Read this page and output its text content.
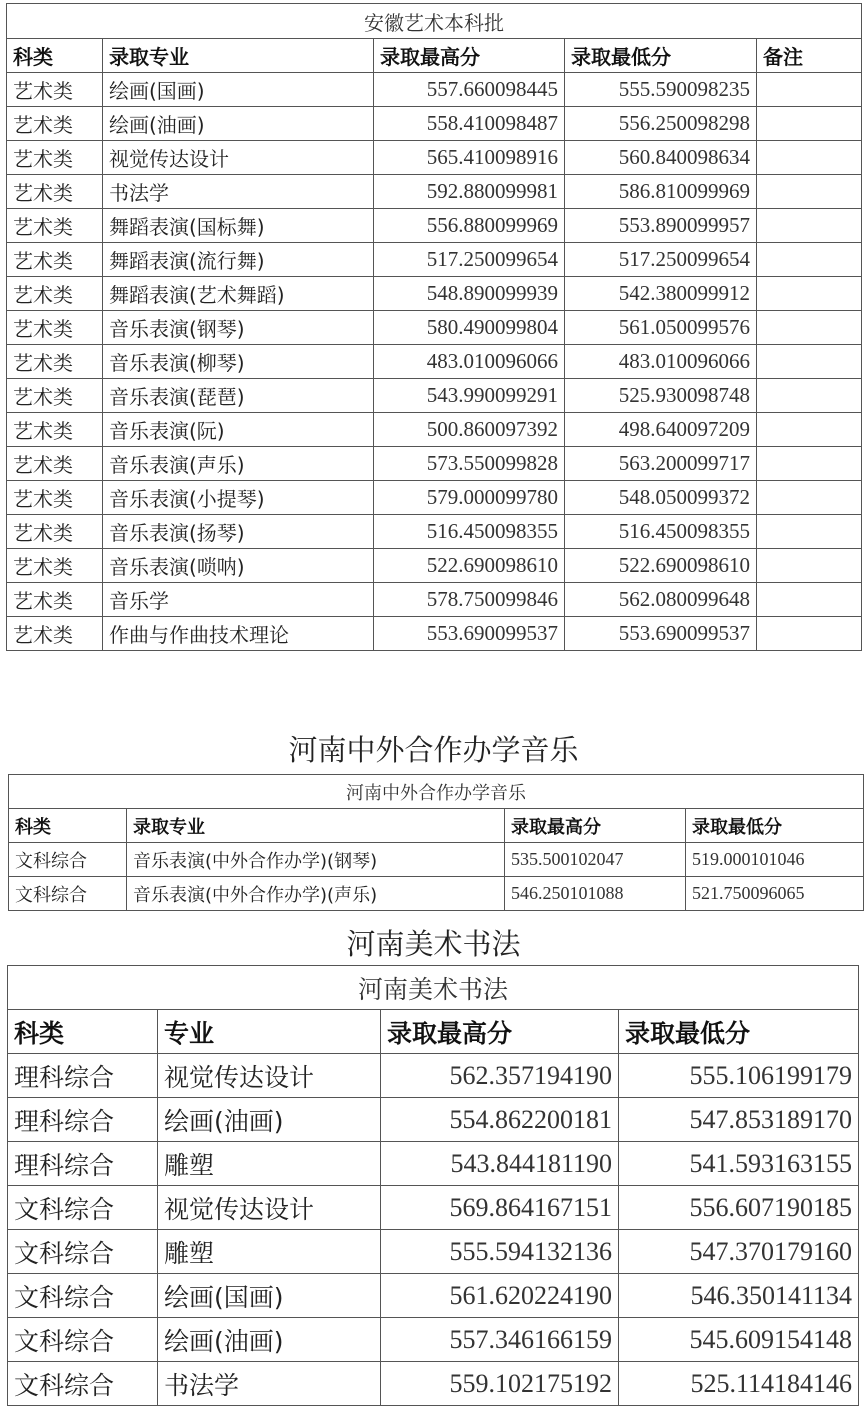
安徽艺术本科批				
科类	录取专业	录取最高分	录取最低分	备注
艺术类	绘画(国画)	557.660098445	555.590098235	
艺术类	绘画(油画)	558.410098487	556.250098298	
艺术类	视觉传达设计	565.410098916	560.840098634	
艺术类	书法学	592.880099981	586.810099969	
艺术类	舞蹈表演(国标舞)	556.880099969	553.890099957	
艺术类	舞蹈表演(流行舞)	517.250099654	517.250099654	
艺术类	舞蹈表演(艺术舞蹈)	548.890099939	542.380099912	
艺术类	音乐表演(钢琴)	580.490099804	561.050099576	
艺术类	音乐表演(柳琴)	483.010096066	483.010096066	
艺术类	音乐表演(琵琶)	543.990099291	525.930098748	
艺术类	音乐表演(阮)	500.860097392	498.640097209	
艺术类	音乐表演(声乐)	573.550099828	563.200099717	
艺术类	音乐表演(小提琴)	579.000099780	548.050099372	
艺术类	音乐表演(扬琴)	516.450098355	516.450098355	
艺术类	音乐表演(唢呐)	522.690098610	522.690098610	
艺术类	音乐学	578.750099846	562.080099648	
艺术类	作曲与作曲技术理论	553.690099537	553.690099537	
河南中外合作办学音乐
河南中外合作办学音乐			
科类	录取专业	录取最高分	录取最低分
文科综合	音乐表演(中外合作办学)(钢琴)	535.500102047	519.000101046
文科综合	音乐表演(中外合作办学)(声乐)	546.250101088	521.750096065
河南美术书法
河南美术书法			
科类	专业	录取最高分	录取最低分
理科综合	视觉传达设计	562.357194190	555.106199179
理科综合	绘画(油画)	554.862200181	547.853189170
理科综合	雕塑	543.844181190	541.593163155
文科综合	视觉传达设计	569.864167151	556.607190185
文科综合	雕塑	555.594132136	547.370179160
文科综合	绘画(国画)	561.620224190	546.350141134
文科综合	绘画(油画)	557.346166159	545.609154148
文科综合	书法学	559.102175192	525.114184146
